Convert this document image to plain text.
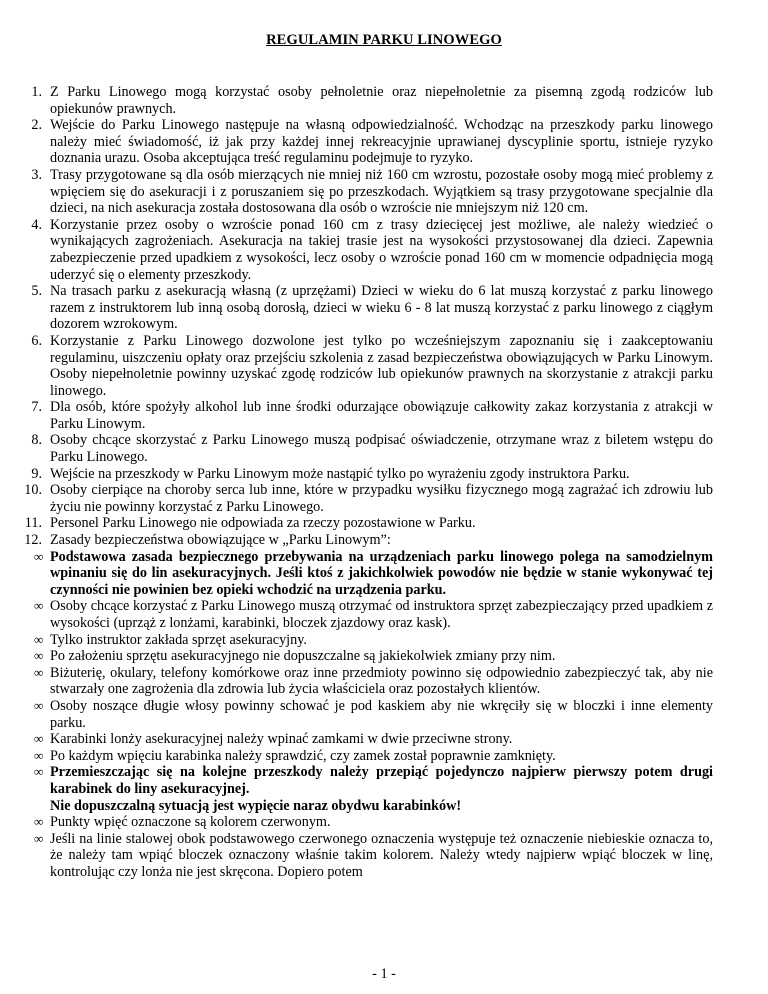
REGULAMIN PARKU LINOWEGO
1. Z Parku Linowego mogą korzystać osoby pełnoletnie oraz niepełnoletnie za pisemną zgodą rodziców lub opiekunów prawnych.
2. Wejście do Parku Linowego następuje na własną odpowiedzialność. Wchodząc na przeszkody parku linowego należy mieć świadomość, iż jak przy każdej innej rekreacyjnie uprawianej dyscyplinie sportu, istnieje ryzyko doznania urazu. Osoba akceptująca treść regulaminu podejmuje to ryzyko.
3. Trasy przygotowane są dla osób mierzących nie mniej niż 160 cm wzrostu, pozostałe osoby mogą mieć problemy z wpięciem się do asekuracji i z poruszaniem się po przeszkodach. Wyjątkiem są trasy przygotowane specjalnie dla dzieci, na nich asekuracja została dostosowana dla osób o wzroście nie mniejszym niż 120 cm.
4. Korzystanie przez osoby o wzroście ponad 160 cm z trasy dziecięcej jest możliwe, ale należy wiedzieć o wynikających zagrożeniach. Asekuracja na takiej trasie jest na wysokości przystosowanej dla dzieci. Zapewnia zabezpieczenie przed upadkiem z wysokości, lecz osoby o wzroście ponad 160 cm w momencie odpadnięcia mogą uderzyć się o elementy przeszkody.
5. Na trasach parku z asekuracją własną (z uprzężami) Dzieci w wieku do 6 lat muszą korzystać z parku linowego razem z instruktorem lub inną osobą dorosłą, dzieci w wieku 6 - 8 lat muszą korzystać z parku linowego z ciągłym dozorem wzrokowym.
6. Korzystanie z Parku Linowego dozwolone jest tylko po wcześniejszym zapoznaniu się i zaakceptowaniu regulaminu, uiszczeniu opłaty oraz przejściu szkolenia z zasad bezpieczeństwa obowiązujących w Parku Linowym. Osoby niepełnoletnie powinny uzyskać zgodę rodziców lub opiekunów prawnych na skorzystanie z atrakcji parku linowego.
7. Dla osób, które spożyły alkohol lub inne środki odurzające obowiązuje całkowity zakaz korzystania z atrakcji w Parku Linowym.
8. Osoby chcące skorzystać z Parku Linowego muszą podpisać oświadczenie, otrzymane wraz z biletem wstępu do Parku Linowego.
9. Wejście na przeszkody w Parku Linowym może nastąpić tylko po wyrażeniu zgody instruktora Parku.
10. Osoby cierpiące na choroby serca lub inne, które w przypadku wysiłku fizycznego mogą zagrażać ich zdrowiu lub życiu nie powinny korzystać z Parku Linowego.
11. Personel Parku Linowego nie odpowiada za rzeczy pozostawione w Parku.
12. Zasady bezpieczeństwa obowiązujące w „Parku Linowym”:
∞ Podstawowa zasada bezpiecznego przebywania na urządzeniach parku linowego polega na samodzielnym wpinaniu się do lin asekuracyjnych. Jeśli ktoś z jakichkolwiek powodów nie będzie w stanie wykonywać tej czynności nie powinien bez opieki wchodzić na urządzenia parku.
∞ Osoby chcące korzystać z Parku Linowego muszą otrzymać od instruktora sprzęt zabezpieczający przed upadkiem z wysokości (uprząż z lonżami, karabinki, bloczek zjazdowy oraz kask).
∞ Tylko instruktor zakłada sprzęt asekuracyjny.
∞ Po założeniu sprzętu asekuracyjnego nie dopuszczalne są jakiekolwiek zmiany przy nim.
∞ Biżuterię, okulary, telefony komórkowe oraz inne przedmioty powinno się odpowiednio zabezpieczyć tak, aby nie stwarzały one zagrożenia dla zdrowia lub życia właściciela oraz pozostałych klientów.
∞ Osoby noszące długie włosy powinny schować je pod kaskiem aby nie wkręciły się w bloczki i inne elementy parku.
∞ Karabinki lonży asekuracyjnej należy wpinać zamkami w dwie przeciwne strony.
∞ Po każdym wpięciu karabinka należy sprawdzić, czy zamek został poprawnie zamknięty.
∞ Przemieszczając się na kolejne przeszkody należy przepiąć pojedynczo najpierw pierwszy potem drugi karabinek do liny asekuracyjnej.
Nie dopuszczalną sytuacją jest wypięcie naraz obydwu karabinków!
∞ Punkty wpięć oznaczone są kolorem czerwonym.
∞ Jeśli na linie stalowej obok podstawowego czerwonego oznaczenia występuje też oznaczenie niebieskie oznacza to, że należy tam wpiąć bloczek oznaczony właśnie takim kolorem. Należy wtedy najpierw wpiąć bloczek w linę, kontrolując czy lonża nie jest skręcona. Dopiero potem
- 1 -
